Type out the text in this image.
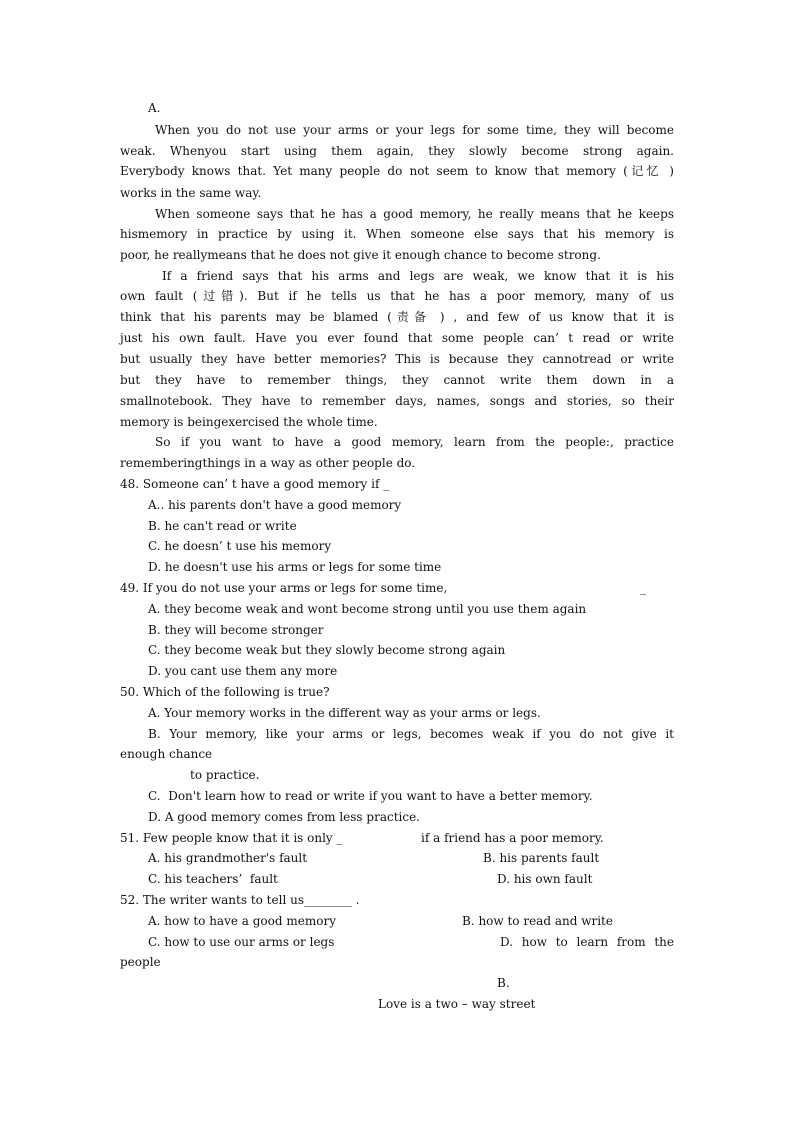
A.
When you do not use your arms or your legs for some time, they will become
weak. Whenyou start using them again, they slowly become strong again.
Everybody knows that. Yet many people do not seem to know that memory (记忆 )
works in the same way.
When someone says that he has a good memory, he really means that he keeps
hismemory in practice by using it. When someone else says that his memory is
poor, he reallymeans that he does not give it enough chance to become strong.
If a friend says that his arms and legs are weak, we know that it is his
own fault (过错). But if he tells us that he has a poor memory, many of us
think that his parents may be blamed (责备 ) , and few of us know that it is
just his own fault. Have you ever found that some people can’ t read or write
but usually they have better memories? This is because they cannotread or write
but they have to remember things, they cannot write them down in a
smallnotebook. They have to remember days, names, songs and stories, so their
memory is beingexercised the whole time.
So if you want to have a good memory, learn from the people:, practice
rememberingthings in a way as other people do.
48. Someone can’ t have a good memory if _
A.. his parents don't have a good memory
B. he can't read or write
C. he doesn’ t use his memory
D. he doesn't use his arms or legs for some time
49. If you do not use your arms or legs for some time,	_
A. they become weak and wont become strong until you use them again
B. they will become stronger
C. they become weak but they slowly become strong again
D. you cant use them any more
50. Which of the following is true?
A. Your memory works in the different way as your arms or legs.
B. Your memory, like your arms or legs, becomes weak if you do not give it
enough chance
to practice.
C.  Don't learn how to read or write if you want to have a better memory.
D. A good memory comes from less practice.
51. Few people know that it is only _	if a friend has a poor memory.
A. his grandmother's fault	B. his parents fault
C. his teachers’  fault	D. his own fault
52. The writer wants to tell us________ .
A. how to have a good memory	B. how to read and write
C. how to use our arms or legs	D. how to learn from the
people
B.
Love is a two – way street
